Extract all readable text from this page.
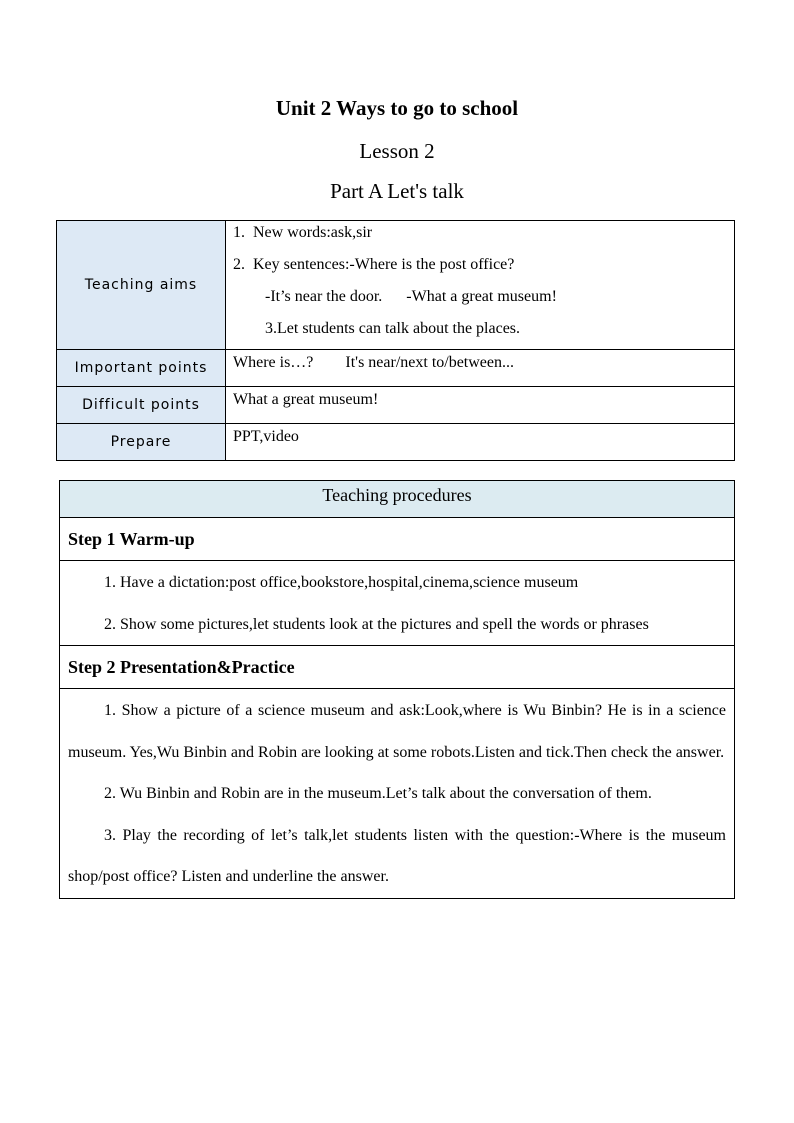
Unit 2 Ways to go to school
Lesson 2
Part A Let's talk
Teaching aims	1.  New words:ask,sir
2.  Key sentences:-Where is the post office?
-It’s near the door.      -What a great museum!
3.Let students can talk about the places.

Important points	Where is…?        It's near/next to/between...
Difficult points	What a great museum!
Prepare	PPT,video
Teaching procedures
Step 1 Warm-up

1. Have a dictation:post office,bookstore,hospital,cinema,science museum
2. Show some pictures,let students look at the pictures and spell the words or phrases

Step 2 Presentation&Practice

1. Show a picture of a science museum and ask:Look,where is Wu Binbin? He is in a science museum. Yes,Wu Binbin and Robin are looking at some robots.Listen and tick.Then check the answer.
2. Wu Binbin and Robin are in the museum.Let’s talk about the conversation of them.
3. Play the recording of let’s talk,let students listen with the question:-Where is the museum shop/post office? Listen and underline the answer.
